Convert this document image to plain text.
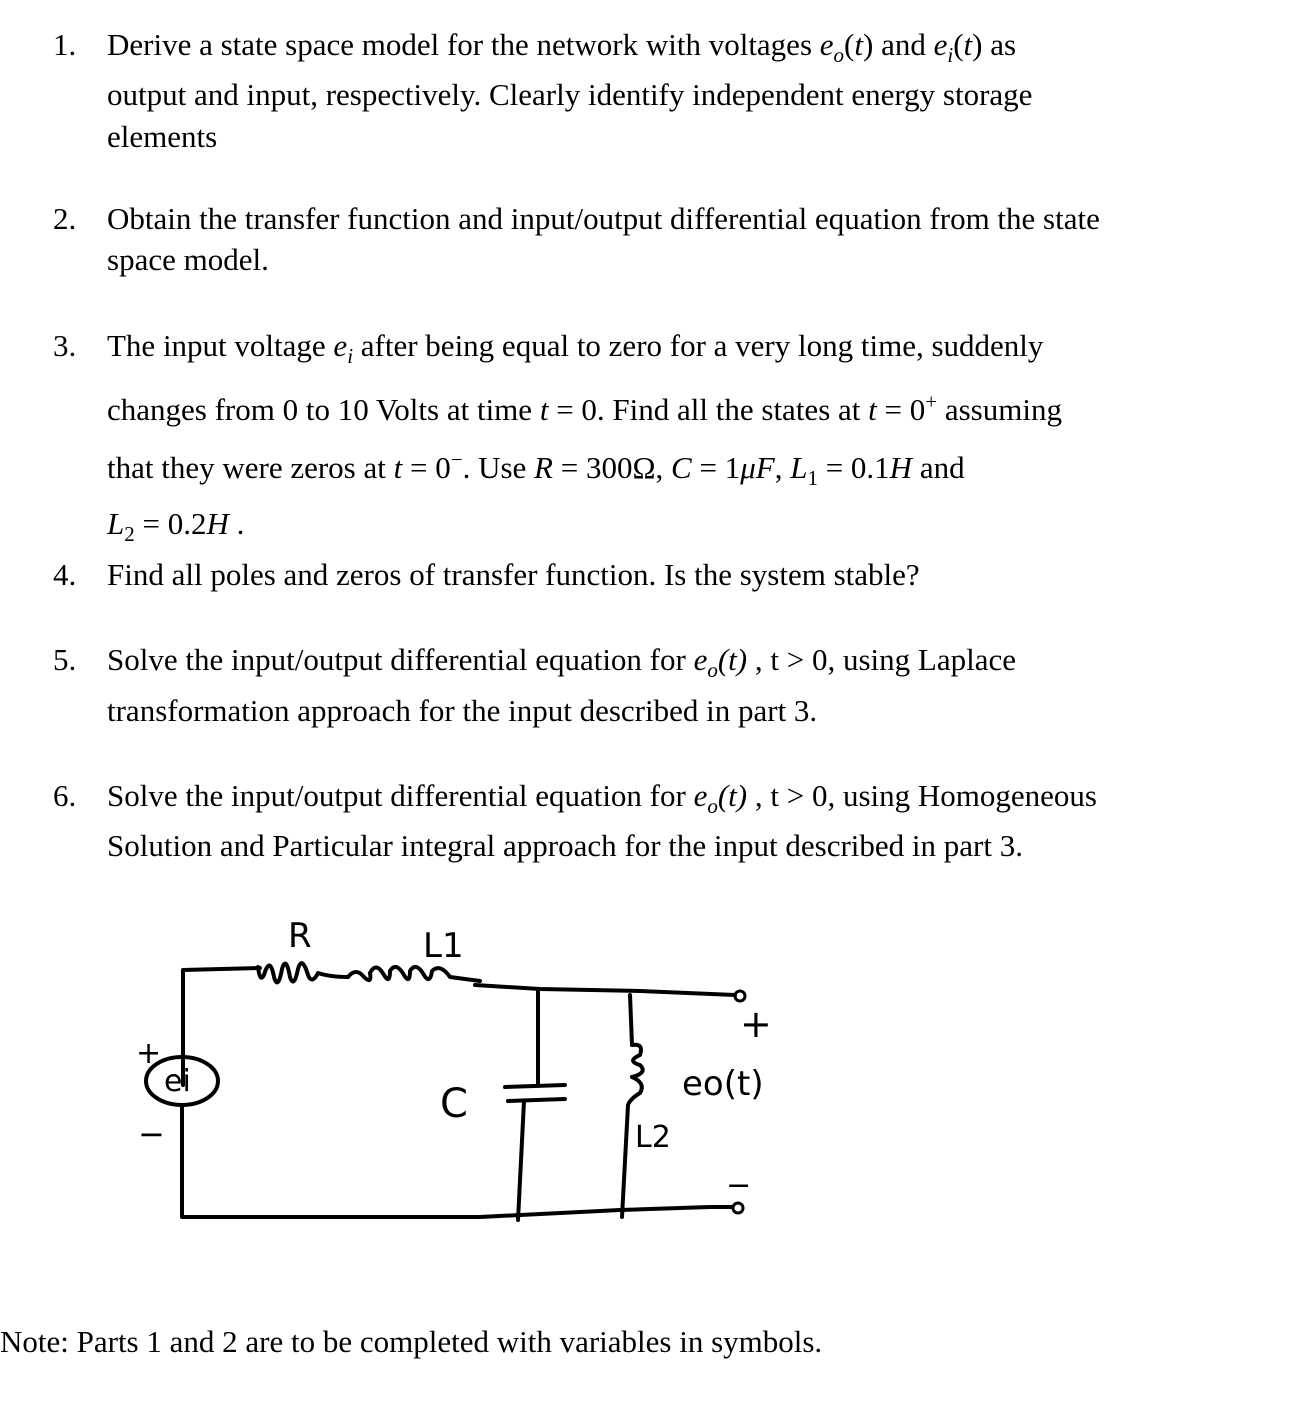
1. Derive a state space model for the network with voltages $e_o(t)$ and $e_i(t)$ as
output and input, respectively. Clearly identify independent energy storage
elements
2. Obtain the transfer function and input/output differential equation from the state
space model.
3. The input voltage $e_i$ after being equal to zero for a very long time, suddenly
changes from 0 to 10 Volts at time t = 0. Find all the states at t = 0+ assuming
that they were zeros at t = 0−. Use R = 300Ω, C = 1μF, $L_1 = 0.1H$ and
$L_2 = 0.2H$ .
4. Find all poles and zeros of transfer function. Is the system stable?
5. Solve the input/output differential equation for $e_o(t)$ , t > 0, using Laplace
transformation approach for the input described in part 3.
6. Solve the input/output differential equation for $e_o(t)$ , t > 0, using Homogeneous
Solution and Particular integral approach for the input described in part 3.
R	L1
C
L2
ei
+
−
+
eo(t)
−
Note: Parts 1 and 2 are to be completed with variables in symbols.
